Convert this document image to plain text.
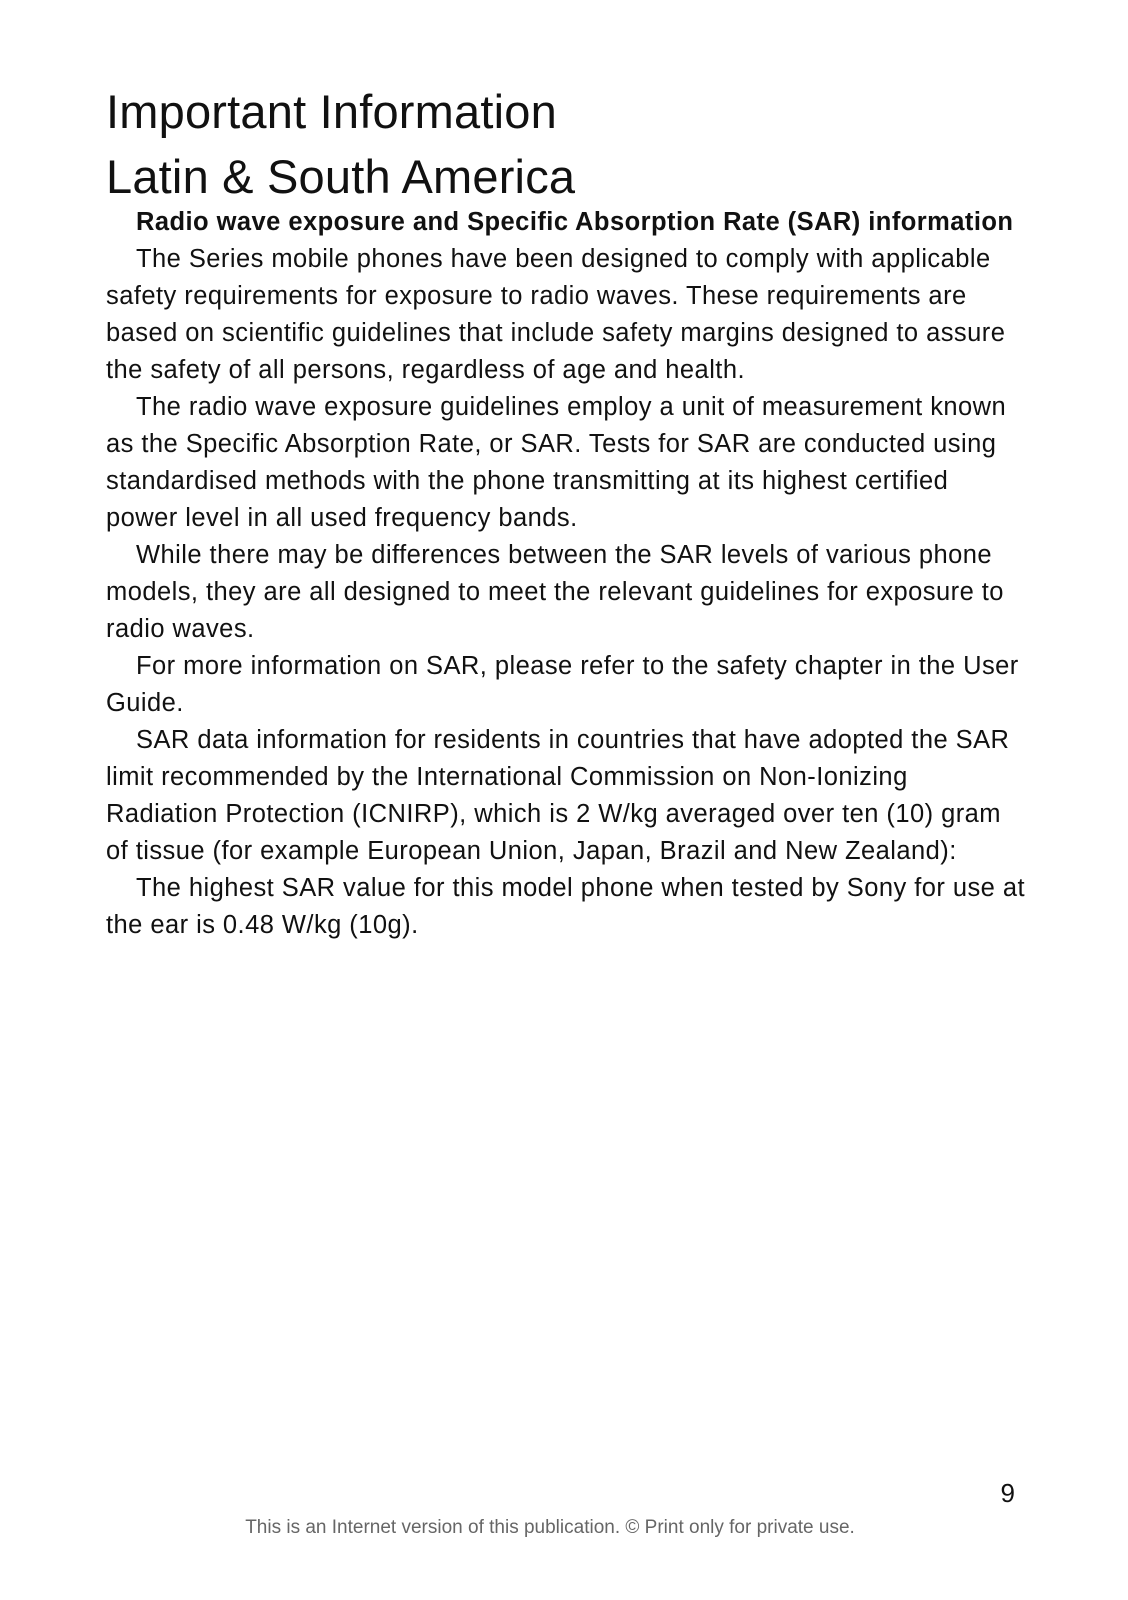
Important Information
Latin & South America
Radio wave exposure and Specific Absorption Rate (SAR) information

The Series mobile phones have been designed to comply with applicable safety requirements for exposure to radio waves. These requirements are based on scientific guidelines that include safety margins designed to assure the safety of all persons, regardless of age and health.

The radio wave exposure guidelines employ a unit of measurement known as the Specific Absorption Rate, or SAR. Tests for SAR are conducted using standardised methods with the phone transmitting at its highest certified power level in all used frequency bands.

While there may be differences between the SAR levels of various phone models, they are all designed to meet the relevant guidelines for exposure to radio waves.

For more information on SAR, please refer to the safety chapter in the User Guide.

SAR data information for residents in countries that have adopted the SAR limit recommended by the International Commission on Non-Ionizing Radiation Protection (ICNIRP), which is 2 W/kg averaged over ten (10) gram of tissue (for example European Union, Japan, Brazil and New Zealand):

The highest SAR value for this model phone when tested by Sony for use at the ear is 0.48 W/kg (10g).

9
This is an Internet version of this publication. © Print only for private use.
